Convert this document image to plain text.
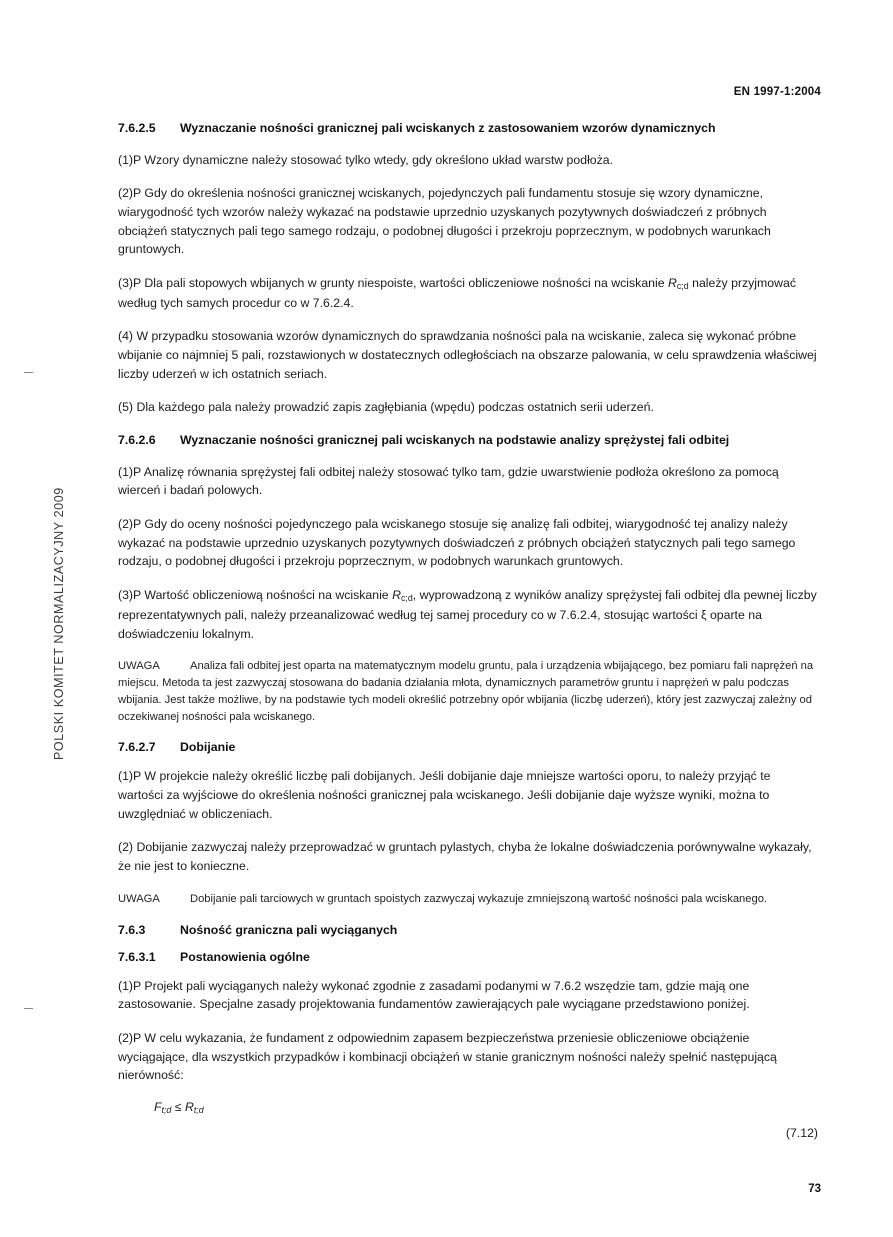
EN 1997-1:2004
POLSKI KOMITET NORMALIZACYJNY 2009
7.6.2.5 Wyznaczanie nośności granicznej pali wciskanych z zastosowaniem wzorów dynamicznych

(1)P Wzory dynamiczne należy stosować tylko wtedy, gdy określono układ warstw podłoża.

(2)P Gdy do określenia nośności granicznej wciskanych, pojedynczych pali fundamentu stosuje się wzory dynamiczne, wiarygodność tych wzorów należy wykazać na podstawie uprzednio uzyskanych pozytywnych doświadczeń z próbnych obciążeń statycznych pali tego samego rodzaju, o podobnej długości i przekroju poprzecznym, w podobnych warunkach gruntowych.

(3)P Dla pali stopowych wbijanych w grunty niespoiste, wartości obliczeniowe nośności na wciskanie $R_{c;d}$ należy przyjmować według tych samych procedur co w 7.6.2.4.

(4) W przypadku stosowania wzorów dynamicznych do sprawdzania nośności pala na wciskanie, zaleca się wykonać próbne wbijanie co najmniej 5 pali, rozstawionych w dostatecznych odległościach na obszarze palowania, w celu sprawdzenia właściwej liczby uderzeń w ich ostatnich seriach.

(5) Dla każdego pala należy prowadzić zapis zagłębiania (wpędu) podczas ostatnich serii uderzeń.

7.6.2.6 Wyznaczanie nośności granicznej pali wciskanych na podstawie analizy sprężystej fali odbitej

(1)P Analizę równania sprężystej fali odbitej należy stosować tylko tam, gdzie uwarstwienie podłoża określono za pomocą wierceń i badań polowych.

(2)P Gdy do oceny nośności pojedynczego pala wciskanego stosuje się analizę fali odbitej, wiarygodność tej analizy należy wykazać na podstawie uprzednio uzyskanych pozytywnych doświadczeń z próbnych obciążeń statycznych pali tego samego rodzaju, o podobnej długości i przekroju poprzecznym, w podobnych warunkach gruntowych.

(3)P Wartość obliczeniową nośności na wciskanie $R_{c;d}$, wyprowadzoną z wyników analizy sprężystej fali odbitej dla pewnej liczby reprezentatywnych pali, należy przeanalizować według tej samej procedury co w 7.6.2.4, stosując wartości ξ oparte na doświadczeniu lokalnym.

UWAGA	Analiza fali odbitej jest oparta na matematycznym modelu gruntu, pala i urządzenia wbijającego, bez pomiaru fali naprężeń na miejscu. Metoda ta jest zazwyczaj stosowana do badania działania młota, dynamicznych parametrów gruntu i naprężeń w palu podczas wbijania. Jest także możliwe, by na podstawie tych modeli określić potrzebny opór wbijania (liczbę uderzeń), który jest zazwyczaj zależny od oczekiwanej nośności pala wciskanego.

7.6.2.7 Dobijanie

(1)P W projekcie należy określić liczbę pali dobijanych. Jeśli dobijanie daje mniejsze wartości oporu, to należy przyjąć te wartości za wyjściowe do określenia nośności granicznej pala wciskanego. Jeśli dobijanie daje wyższe wyniki, można to uwzględniać w obliczeniach.

(2) Dobijanie zazwyczaj należy przeprowadzać w gruntach pylastych, chyba że lokalne doświadczenia porównywalne wykazały, że nie jest to konieczne.

UWAGA	Dobijanie pali tarciowych w gruntach spoistych zazwyczaj wykazuje zmniejszoną wartość nośności pala wciskanego.

7.6.3	Nośność graniczna pali wyciąganych
7.6.3.1 Postanowienia ogólne

(1)P Projekt pali wyciąganych należy wykonać zgodnie z zasadami podanymi w 7.6.2 wszędzie tam, gdzie mają one zastosowanie. Specjalne zasady projektowania fundamentów zawierających pale wyciągane przedstawiono poniżej.

(2)P W celu wykazania, że fundament z odpowiednim zapasem bezpieczeństwa przeniesie obliczeniowe obciążenie wyciągające, dla wszystkich przypadków i kombinacji obciążeń w stanie granicznym nośności należy spełnić następującą nierówność:

$F_{t;d} \le R_{t;d}$
(7.12)
73
